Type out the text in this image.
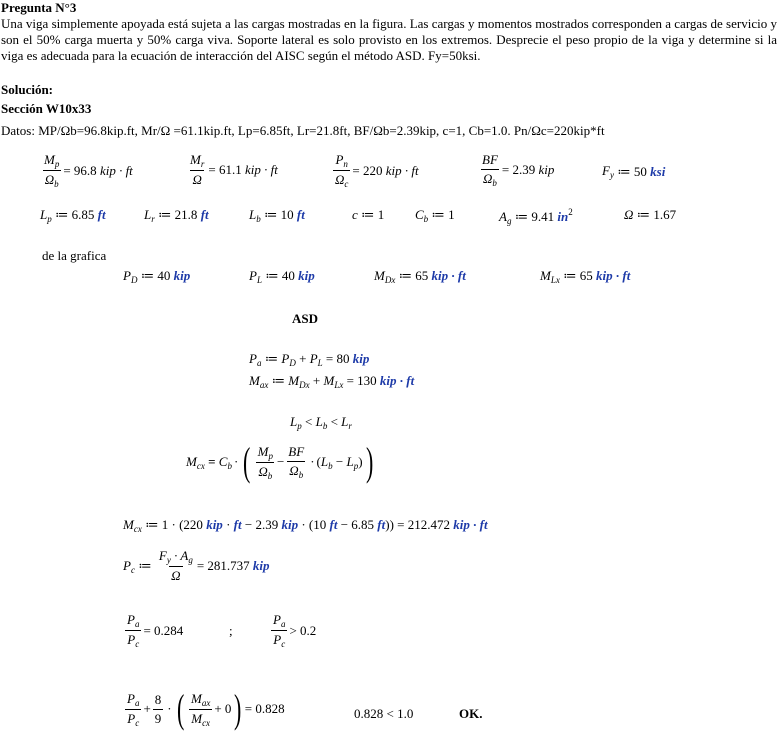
Pregunta N°3
Una viga simplemente apoyada está sujeta a las cargas mostradas en la figura. Las cargas y momentos mostrados corresponden a cargas de servicio y son el 50% carga muerta y 50% carga viva. Soporte lateral es solo provisto en los extremos. Desprecie el peso propio de la viga y determine si la viga es adecuada para la ecuación de interacción del AISC según el método ASD. Fy=50ksi.
Solución:
Sección W10x33
Datos: MP/Ωb=96.8kip.ft, Mr/Ω =61.1kip.ft, Lp=6.85ft, Lr=21.8ft, BF/Ωb=2.39kip, c=1, Cb=1.0. Pn/Ωc=220kip*ft
$\frac{M_p}{\Omega_b} = 96.8$
kip · ft	$\frac{M_r}{\Omega} = 61.1$
kip · ft	$\frac{P_n}{\Omega_c} = 220$
kip · ft	$\frac{BF}{\Omega_b} = 2.39$
kip	$F_y$
≔ 50
ksi
$L_p$ ≔ 6.85 ft	$L_r$ ≔ 21.8 ft	$L_b$ ≔ 10 ft	c ≔ 1 $C_b$ ≔ 1	$A_g$ ≔ 9.41 $in^2$	Ω ≔ 1.67
de la grafica
$P_D$ ≔ 40 kip	$P_L$ ≔ 40 kip	$M_{Dx}$ ≔ 65 kip · ft	$M_{Lx}$ ≔ 65 kip · ft
ASD
$P_a$ ≔ $P_D + P_L = 80$ kip
$M_{ax}$ ≔ $M_{Dx} + M_{Lx} = 130$ kip · ft
$L_p < L_b < L_r$
$M_{cx}$
=
$C_b$ · ( $\frac{M_p}{\Omega_b} - \frac{BF}{\Omega_b} \cdot (L_b - L_p)$ )
$M_{cx}$ ≔ 1 · (220 kip · ft − 2.39 kip · (10 ft − 6.85 ft)) = 212.472 kip · ft
$P_c$ ≔ $\frac{F_y \cdot A_g}{\Omega} = 281.737$
kip
$\frac{P_a}{P_c} = 0.284$	;	$\frac{P_a}{P_c} > 0.2$
$\frac{P_a}{P_c} + \frac{8}{9}$ · ( $\frac{M_{ax}}{M_{cx}} + 0$ ) = 0.828	0.828 < 1.0	OK.
